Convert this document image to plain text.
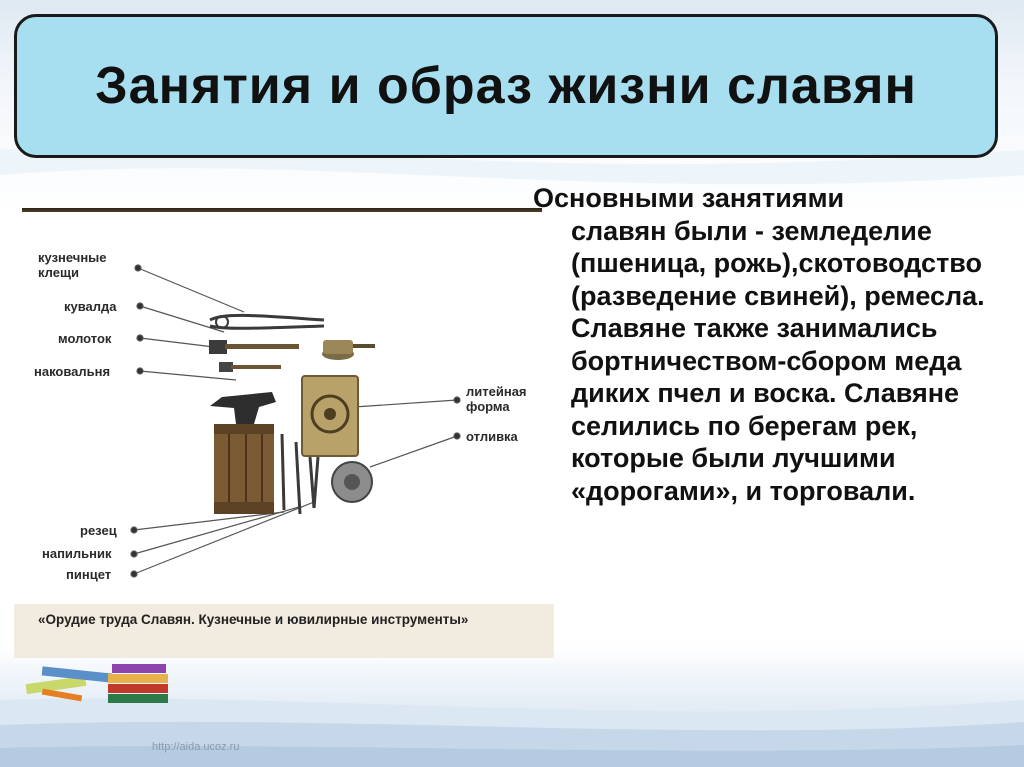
Занятия и образ жизни славян
кузнечные клещи
кувалда
молоток
наковальня
литейная форма
отливка
резец
напильник
пинцет
«Орудие труда Славян. Кузнечные и ювилирные инструменты»
Основными занятиями
славян были - земледелие (пшеница, рожь),скотоводство (разведение свиней), ремесла. Славяне также занимались бортничеством-сбором меда диких пчел и воска. Славяне селились по берегам рек, которые были лучшими «дорогами», и торговали.
http://aida.ucoz.ru
